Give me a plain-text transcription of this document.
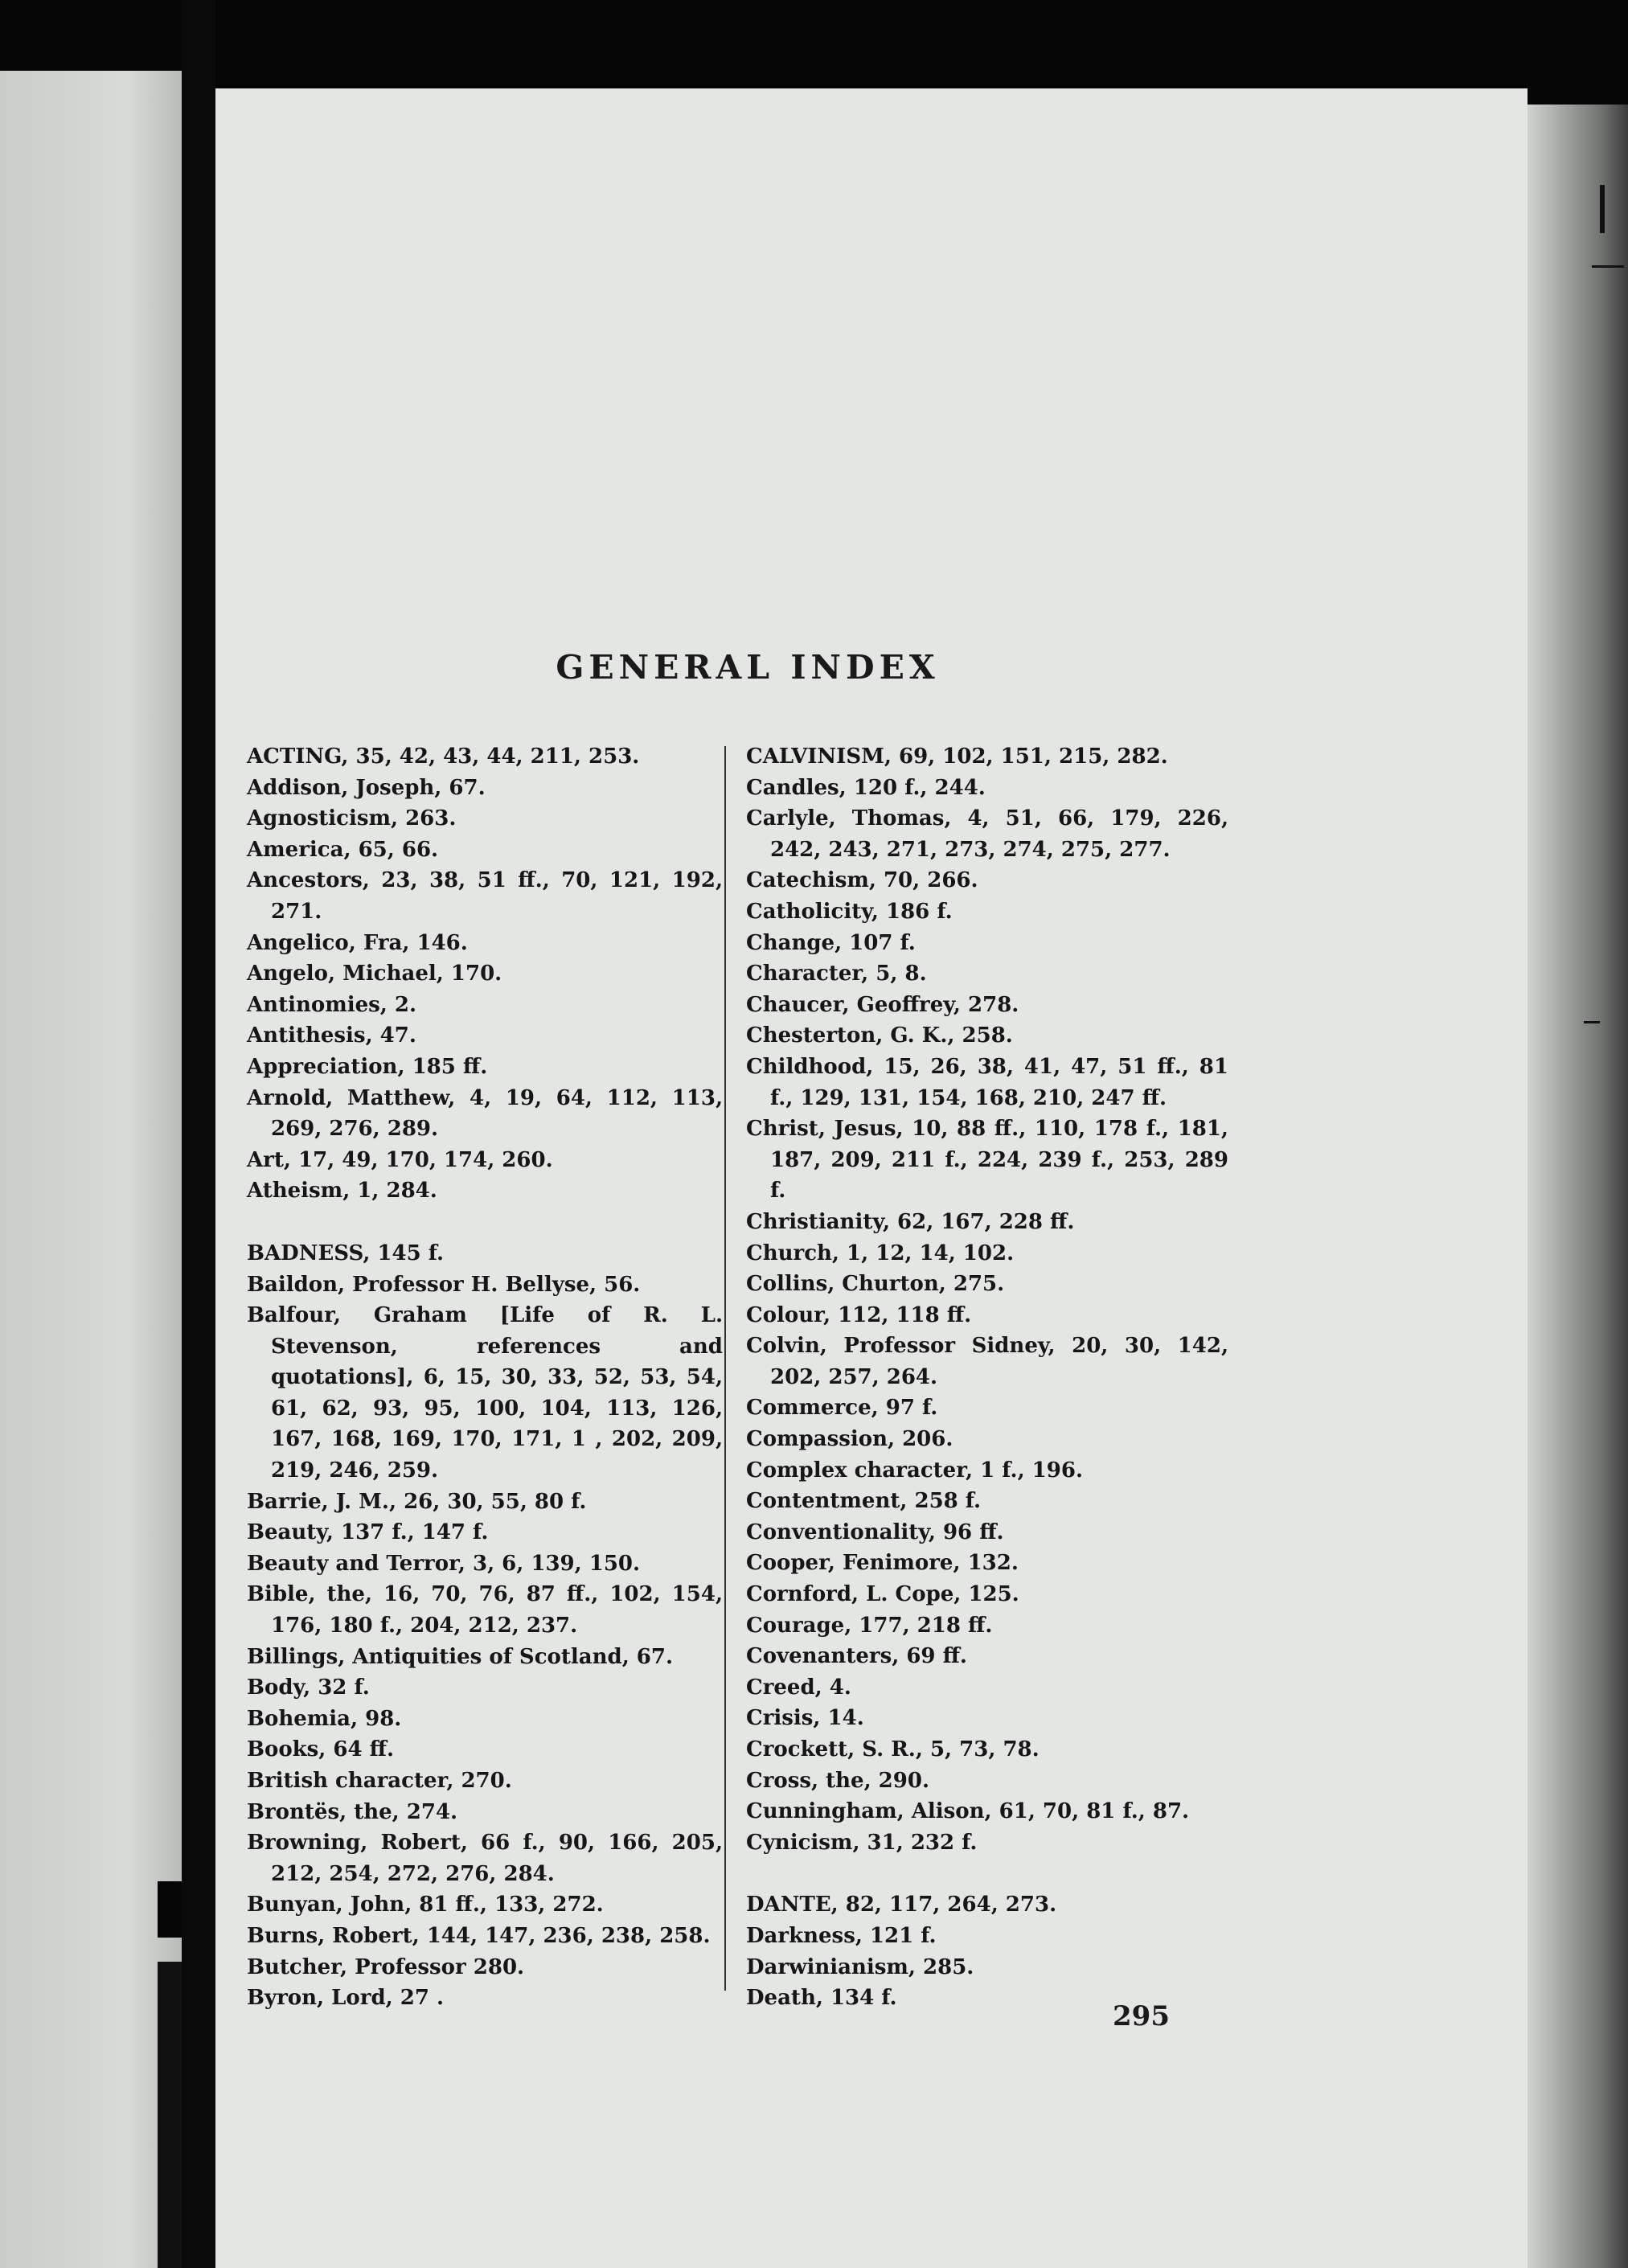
GENERAL INDEX
ACTING, 35, 42, 43, 44, 211, 253.
Addison, Joseph, 67.
Agnosticism, 263.
America, 65, 66.
Ancestors, 23, 38, 51 ff., 70, 121, 192, 271.
Angelico, Fra, 146.
Angelo, Michael, 170.
Antinomies, 2.
Antithesis, 47.
Appreciation, 185 ff.
Arnold, Matthew, 4, 19, 64, 112, 113, 269, 276, 289.
Art, 17, 49, 170, 174, 260.
Atheism, 1, 284.
BADNESS, 145 f.
Baildon, Professor H. Bellyse, 56.
Balfour, Graham [Life of R. L. Stevenson, references and quotations], 6, 15, 30, 33, 52, 53, 54, 61, 62, 93, 95, 100, 104, 113, 126, 167, 168, 169, 170, 171, 1 , 202, 209, 219, 246, 259.
Barrie, J. M., 26, 30, 55, 80 f.
Beauty, 137 f., 147 f.
Beauty and Terror, 3, 6, 139, 150.
Bible, the, 16, 70, 76, 87 ff., 102, 154, 176, 180 f., 204, 212, 237.
Billings, Antiquities of Scotland, 67.
Body, 32 f.
Bohemia, 98.
Books, 64 ff.
British character, 270.
Brontës, the, 274.
Browning, Robert, 66 f., 90, 166, 205, 212, 254, 272, 276, 284.
Bunyan, John, 81 ff., 133, 272.
Burns, Robert, 144, 147, 236, 238, 258.
Butcher, Professor 280.
Byron, Lord, 27 .
CALVINISM, 69, 102, 151, 215, 282.
Candles, 120 f., 244.
Carlyle, Thomas, 4, 51, 66, 179, 226, 242, 243, 271, 273, 274, 275, 277.
Catechism, 70, 266.
Catholicity, 186 f.
Change, 107 f.
Character, 5, 8.
Chaucer, Geoffrey, 278.
Chesterton, G. K., 258.
Childhood, 15, 26, 38, 41, 47, 51 ff., 81 f., 129, 131, 154, 168, 210, 247 ff.
Christ, Jesus, 10, 88 ff., 110, 178 f., 181, 187, 209, 211 f., 224, 239 f., 253, 289 f.
Christianity, 62, 167, 228 ff.
Church, 1, 12, 14, 102.
Collins, Churton, 275.
Colour, 112, 118 ff.
Colvin, Professor Sidney, 20, 30, 142, 202, 257, 264.
Commerce, 97 f.
Compassion, 206.
Complex character, 1 f., 196.
Contentment, 258 f.
Conventionality, 96 ff.
Cooper, Fenimore, 132.
Cornford, L. Cope, 125.
Courage, 177, 218 ff.
Covenanters, 69 ff.
Creed, 4.
Crisis, 14.
Crockett, S. R., 5, 73, 78.
Cross, the, 290.
Cunningham, Alison, 61, 70, 81 f., 87.
Cynicism, 31, 232 f.
DANTE, 82, 117, 264, 273.
Darkness, 121 f.
Darwinianism, 285.
Death, 134 f.
295
